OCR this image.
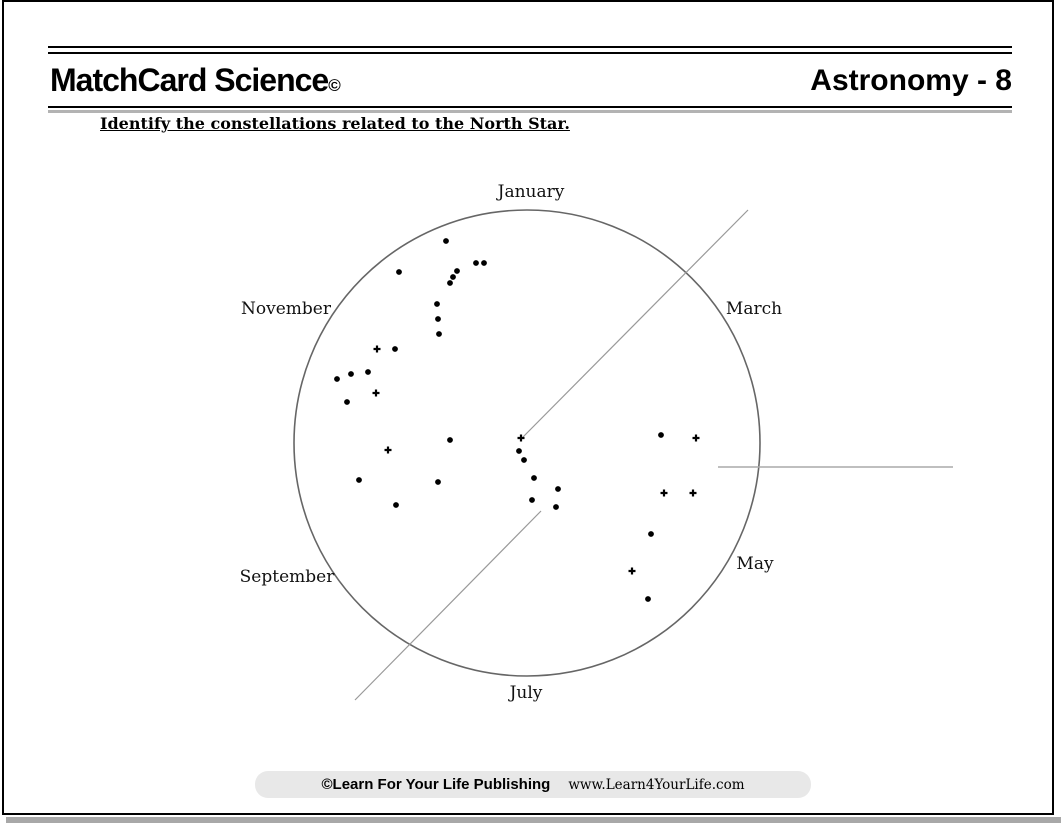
MatchCard Science©	Astronomy - 8
Identify the constellations related to the North Star.
January
March
May
July
September
November
©Learn For Your Life Publishing www.Learn4YourLife.com
